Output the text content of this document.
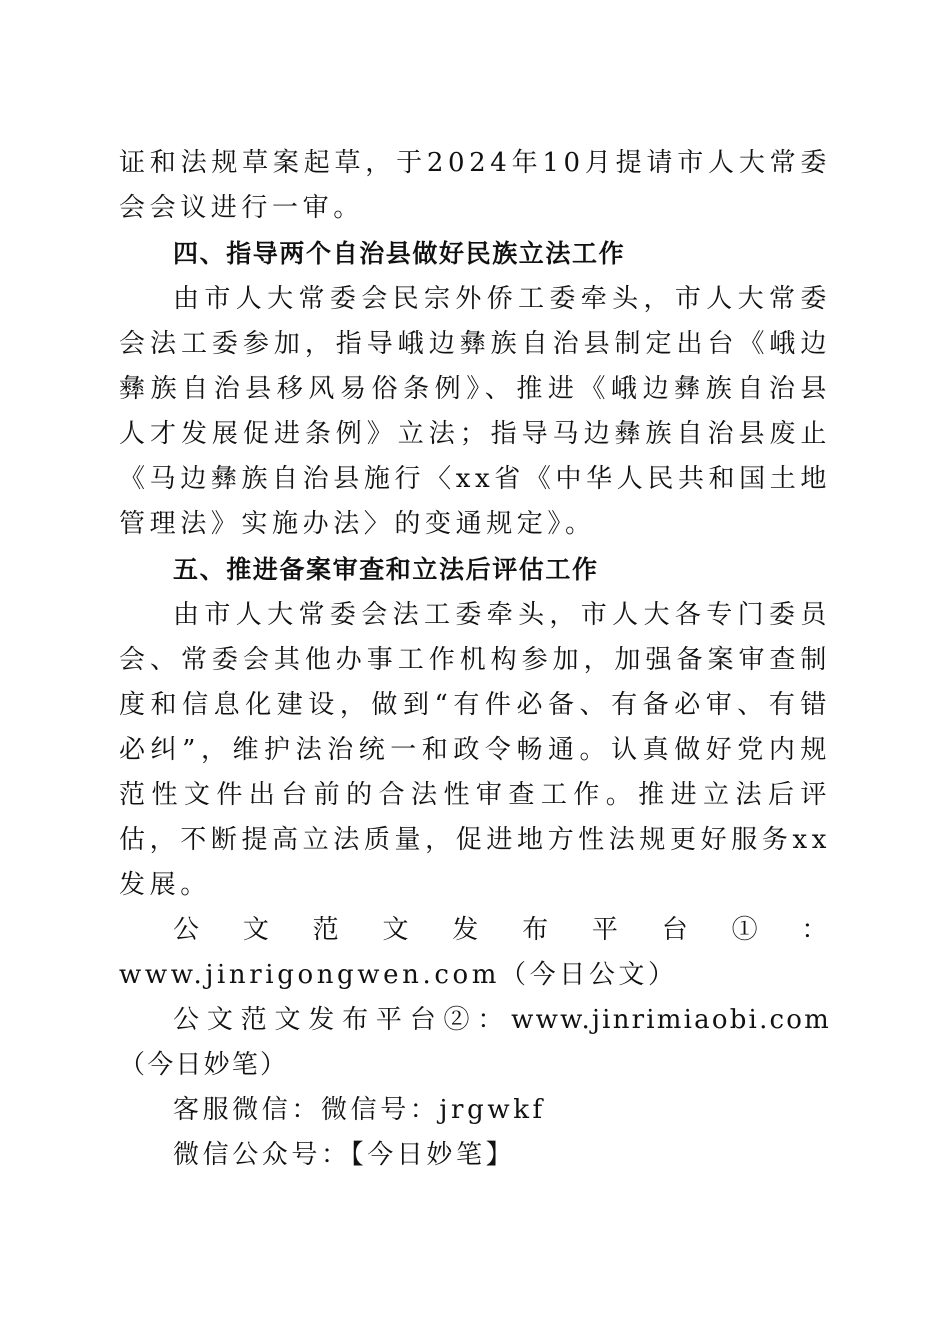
证和法规草案起草，于2024年10月提请市人大常委会会议进行一审。

四、指导两个自治县做好民族立法工作

由市人大常委会民宗外侨工委牵头，市人大常委会法工委参加，指导峨边彝族自治县制定出台《峨边彝族自治县移风易俗条例》、推进《峨边彝族自治县人才发展促进条例》立法；指导马边彝族自治县废止《马边彝族自治县施行〈xx省《中华人民共和国土地管理法》实施办法〉的变通规定》。

五、推进备案审查和立法后评估工作

由市人大常委会法工委牵头，市人大各专门委员会、常委会其他办事工作机构参加，加强备案审查制度和信息化建设，做到“有件必备、有备必审、有错必纠”，维护法治统一和政令畅通。认真做好党内规范性文件出台前的合法性审查工作。推进立法后评估，不断提高立法质量，促进地方性法规更好服务xx发展。

公文范文发布平台①：www.jinrigongwen.com（今日公文）

公文范文发布平台②：www.jinrimiaobi.com（今日妙笔）

客服微信：微信号：jrgwkf

微信公众号：【今日妙笔】
